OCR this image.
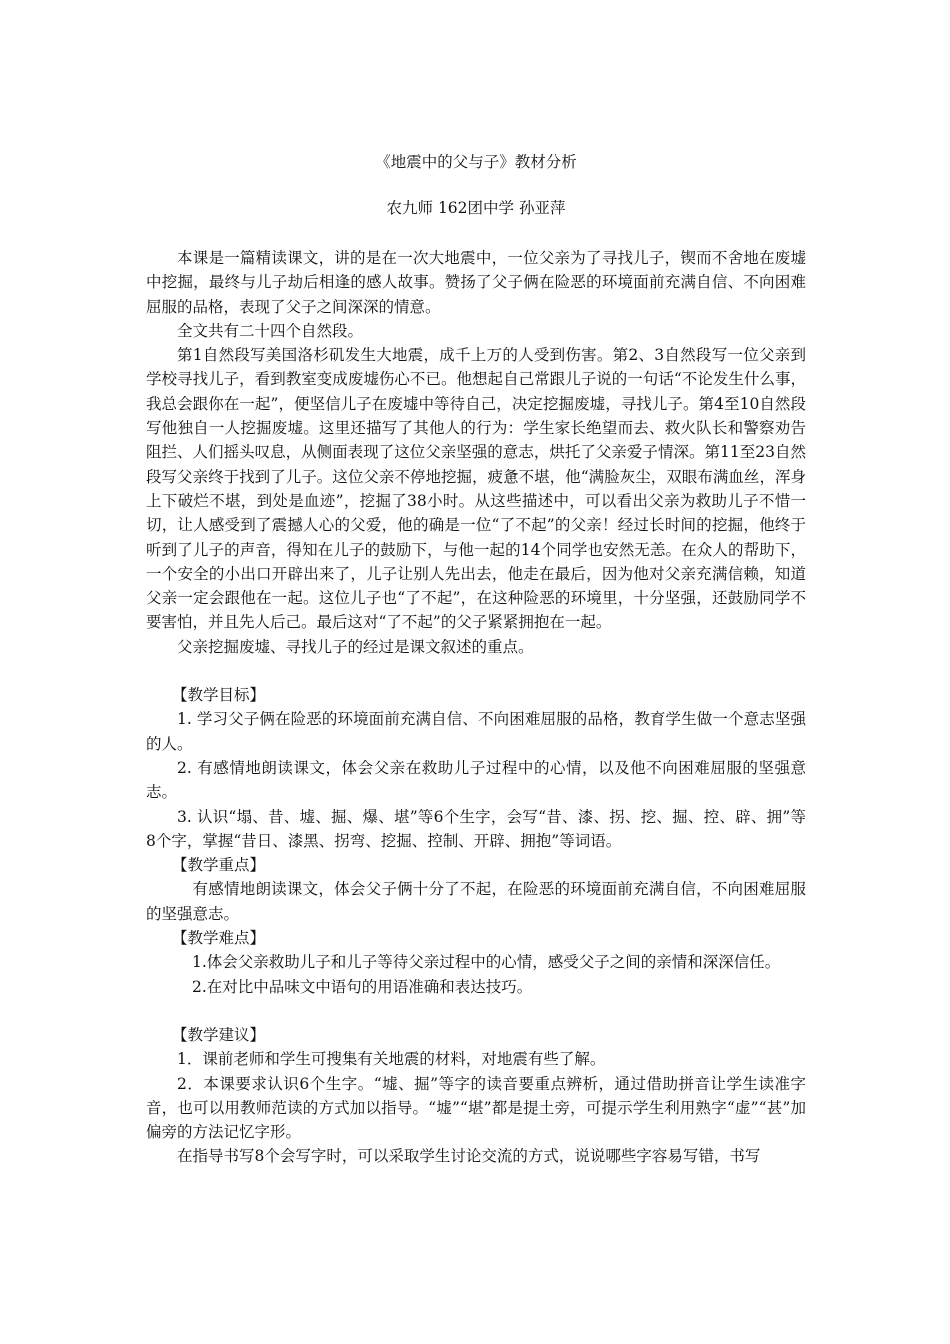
《地震中的父与子》教材分析
农九师 162团中学 孙亚萍

本课是一篇精读课文，讲的是在一次大地震中，一位父亲为了寻找儿子，锲而不舍地在废墟中挖掘，最终与儿子劫后相逢的感人故事。赞扬了父子俩在险恶的环境面前充满自信、不向困难屈服的品格，表现了父子之间深深的情意。

全文共有二十四个自然段。

第1自然段写美国洛杉矶发生大地震，成千上万的人受到伤害。第2、3自然段写一位父亲到学校寻找儿子，看到教室变成废墟伤心不已。他想起自己常跟儿子说的一句话“不论发生什么事，我总会跟你在一起”，便坚信儿子在废墟中等待自己，决定挖掘废墟，寻找儿子。第4至10自然段写他独自一人挖掘废墟。这里还描写了其他人的行为：学生家长绝望而去、救火队长和警察劝告阻拦、人们摇头叹息，从侧面表现了这位父亲坚强的意志，烘托了父亲爱子情深。第11至23自然段写父亲终于找到了儿子。这位父亲不停地挖掘，疲惫不堪，他“满脸灰尘，双眼布满血丝，浑身上下破烂不堪，到处是血迹”，挖掘了38小时。从这些描述中，可以看出父亲为救助儿子不惜一切，让人感受到了震撼人心的父爱，他的确是一位“了不起”的父亲！经过长时间的挖掘，他终于听到了儿子的声音，得知在儿子的鼓励下，与他一起的14个同学也安然无恙。在众人的帮助下，一个安全的小出口开辟出来了，儿子让别人先出去，他走在最后，因为他对父亲充满信赖，知道父亲一定会跟他在一起。这位儿子也“了不起”，在这种险恶的环境里，十分坚强，还鼓励同学不要害怕，并且先人后己。最后这对“了不起”的父子紧紧拥抱在一起。

父亲挖掘废墟、寻找儿子的经过是课文叙述的重点。

【教学目标】

1. 学习父子俩在险恶的环境面前充满自信、不向困难屈服的品格，教育学生做一个意志坚强的人。

2. 有感情地朗读课文，体会父亲在救助儿子过程中的心情，以及他不向困难屈服的坚强意志。

3. 认识“塌、昔、墟、掘、爆、堪”等6个生字，会写“昔、漆、拐、挖、掘、控、辟、拥”等8个字，掌握“昔日、漆黑、拐弯、挖掘、控制、开辟、拥抱”等词语。

【教学重点】

有感情地朗读课文，体会父子俩十分了不起，在险恶的环境面前充满自信，不向困难屈服的坚强意志。

【教学难点】

1.体会父亲救助儿子和儿子等待父亲过程中的心情，感受父子之间的亲情和深深信任。

2.在对比中品味文中语句的用语准确和表达技巧。

【教学建议】

1．课前老师和学生可搜集有关地震的材料，对地震有些了解。

2．本课要求认识6个生字。“墟、掘”等字的读音要重点辨析，通过借助拼音让学生读准字音，也可以用教师范读的方式加以指导。“墟”“堪”都是提土旁，可提示学生利用熟字“虚”“甚”加偏旁的方法记忆字形。

在指导书写8个会写字时，可以采取学生讨论交流的方式，说说哪些字容易写错，书写
